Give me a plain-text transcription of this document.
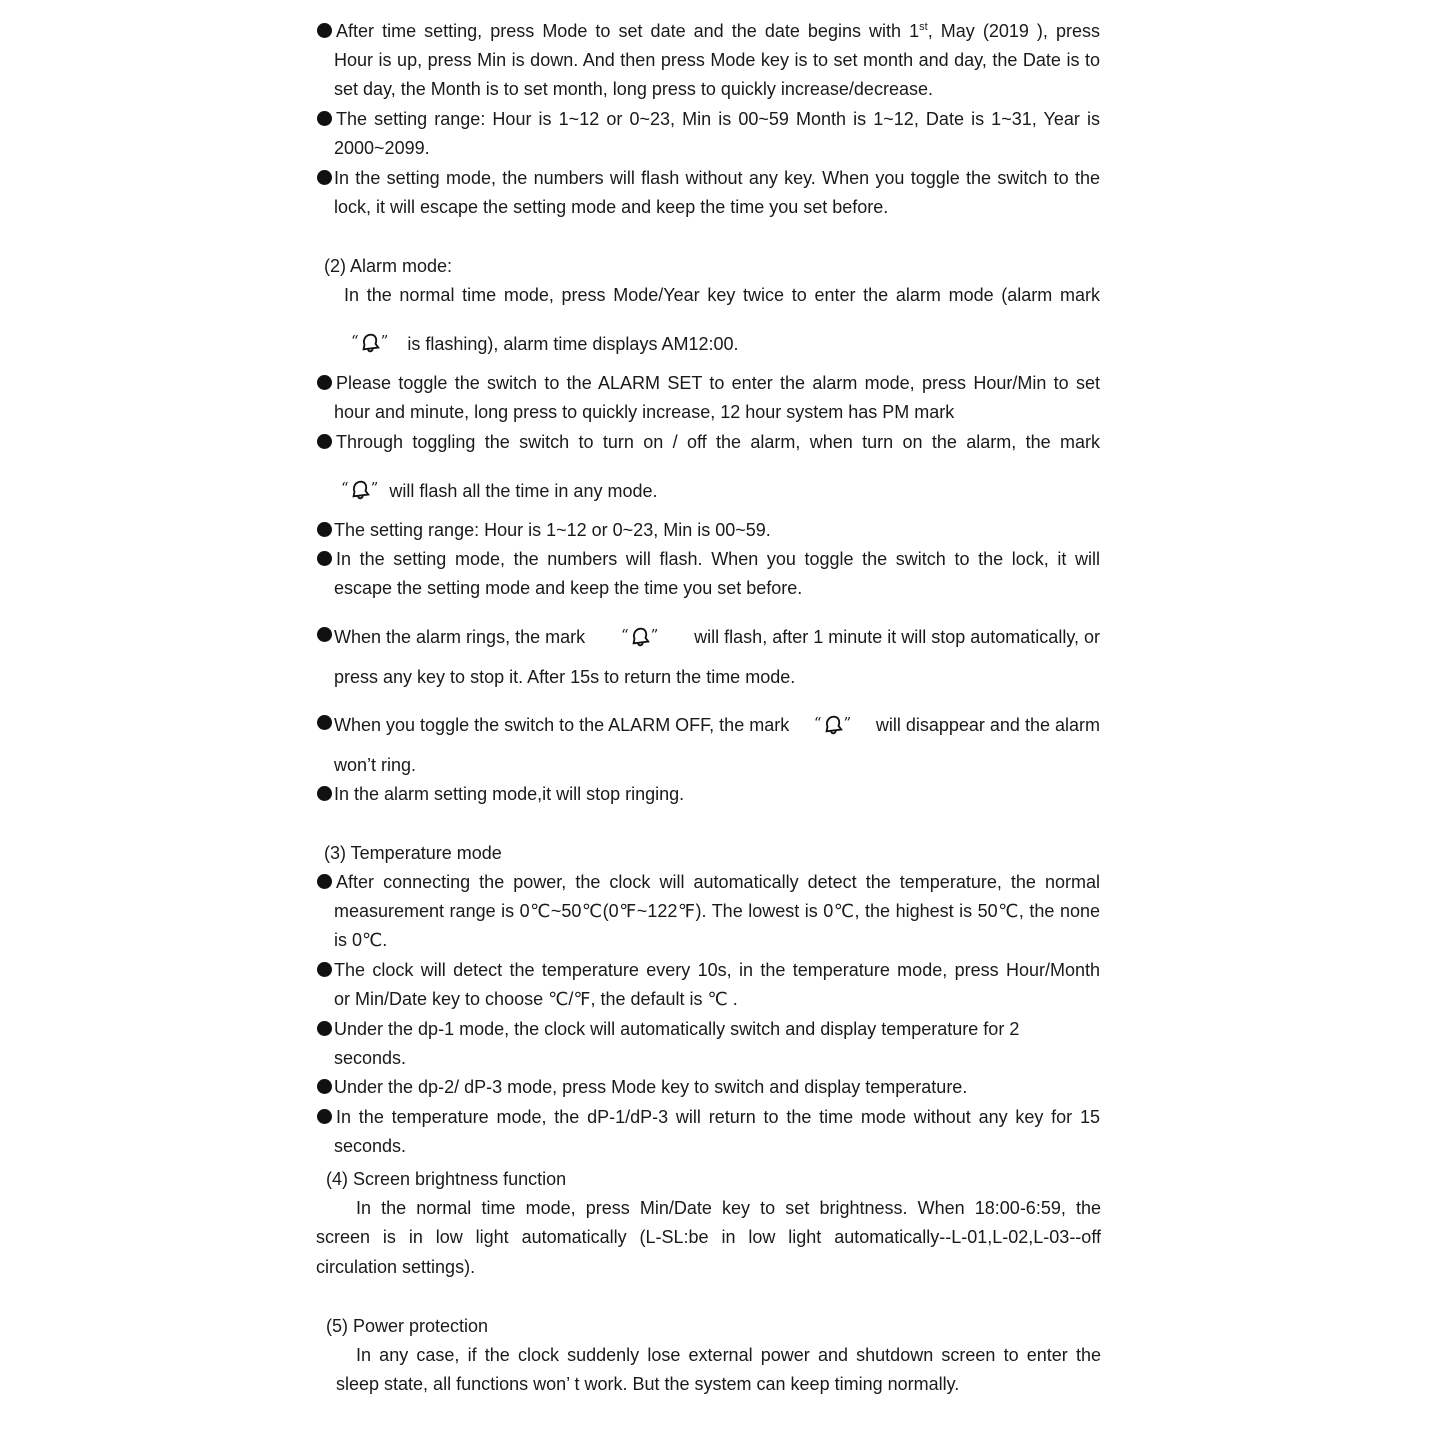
After time setting, press Mode to set date and the date begins with 1st, May (2019 ), press
Hour is up, press Min is down. And then press Mode key is to set month and day, the Date is to
set day, the Month is to set month, long press to quickly increase/decrease.
The setting range: Hour is 1~12 or 0~23, Min is 00~59 Month is 1~12, Date is 1~31, Year is
2000~2099.
In the setting mode, the numbers will flash without any key. When you toggle the switch to the
lock, it will escape the setting mode and keep the time you set before.
(2) Alarm mode:
In the normal time mode, press Mode/Year key twice to enter the alarm mode (alarm mark
“ ” is flashing), alarm time displays AM12:00.
Please toggle the switch to the ALARM SET to enter the alarm mode, press Hour/Min to set
hour and minute, long press to quickly increase, 12 hour system has PM mark
Through toggling the switch to turn on / off the alarm, when turn on the alarm, the mark
“ ” will flash all the time in any mode.
The setting range: Hour is 1~12 or 0~23, Min is 00~59.
In the setting mode, the numbers will flash. When you toggle the switch to the lock, it will
escape the setting mode and keep the time you set before.
When the alarm rings, the mark “ ” will flash, after 1 minute it will stop automatically, or
press any key to stop it. After 15s to return the time mode.
When you toggle the switch to the ALARM OFF, the mark “ ” will disappear and the alarm
won’t ring.
In the alarm setting mode,it will stop ringing.
(3) Temperature mode
After connecting the power, the clock will automatically detect the temperature, the normal
measurement range is 0℃~50℃(0℉~122℉). The lowest is 0℃, the highest is 50℃, the none
is 0℃.
The clock will detect the temperature every 10s, in the temperature mode, press Hour/Month
or Min/Date key to choose ℃/℉, the default is ℃ .
Under the dp-1 mode, the clock will automatically switch and display temperature for 2
seconds.
Under the dp-2/ dP-3 mode, press Mode key to switch and display temperature.
In the temperature mode, the dP-1/dP-3 will return to the time mode without any key for 15
seconds.
(4) Screen brightness function
In the normal time mode, press Min/Date key to set brightness. When 18:00-6:59, the
screen is in low light automatically (L-SL:be in low light automatically--L-01,L-02,L-03--off
circulation settings).
(5) Power protection
In any case, if the clock suddenly lose external power and shutdown screen to enter the
sleep state, all functions won’ t work. But the system can keep timing normally.
